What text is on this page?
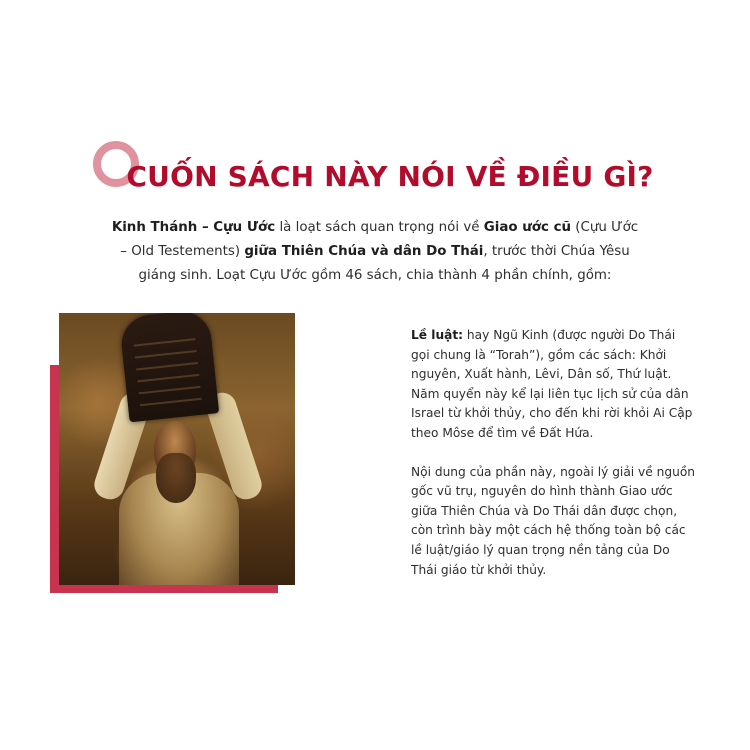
CUỐN SÁCH NÀY NÓI VỀ ĐIỀU GÌ?

Kinh Thánh – Cựu Ước là loạt sách quan trọng nói về Giao ước cũ (Cựu Ước – Old Testements) giữa Thiên Chúa và dân Do Thái, trước thời Chúa Yêsu giáng sinh. Loạt Cựu Ước gồm 46 sách, chia thành 4 phần chính, gồm:

Lề luật: hay Ngũ Kinh (được người Do Thái gọi chung là “Torah”), gồm các sách: Khởi nguyên, Xuất hành, Lêvi, Dân số, Thứ luật. Năm quyển này kể lại liên tục lịch sử của dân Israel từ khởi thủy, cho đến khi rời khỏi Ai Cập theo Môse để tìm về Đất Hứa.

Nội dung của phần này, ngoài lý giải về nguồn gốc vũ trụ, nguyên do hình thành Giao ước giữa Thiên Chúa và Do Thái dân được chọn, còn trình bày một cách hệ thống toàn bộ các lề luật/giáo lý quan trọng nền tảng của Do Thái giáo từ khởi thủy.
